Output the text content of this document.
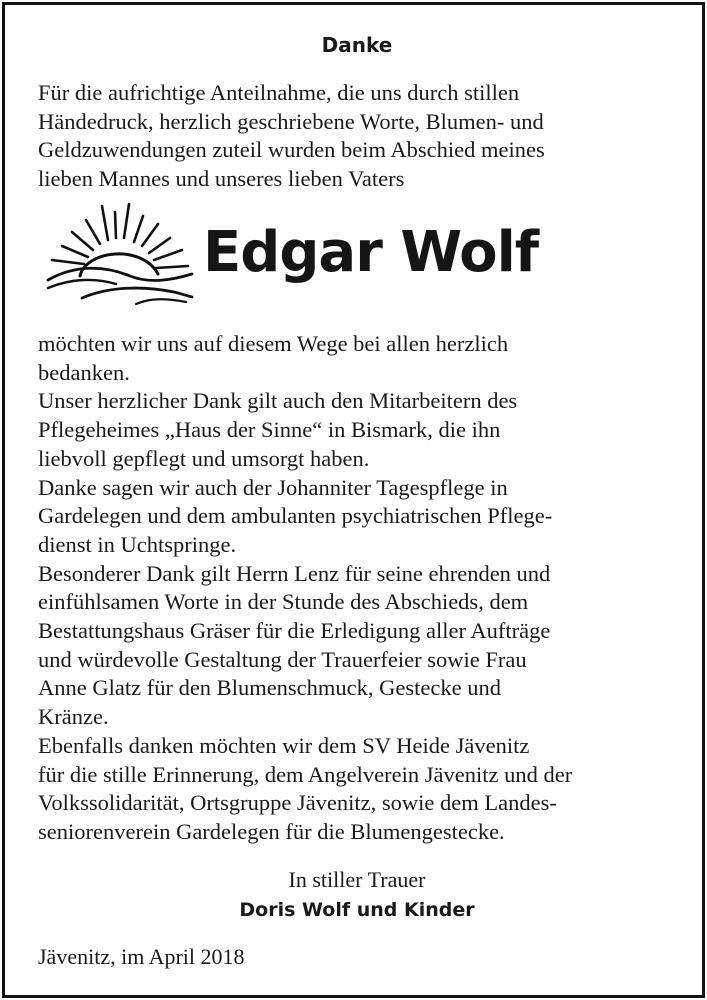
Danke
Für die aufrichtige Anteilnahme, die uns durch stillen
Händedruck, herzlich geschriebene Worte, Blumen- und
Geldzuwendungen zuteil wurden beim Abschied meines
lieben Mannes und unseres lieben Vaters
Edgar Wolf
möchten wir uns auf diesem Wege bei allen herzlich
bedanken.
Unser herzlicher Dank gilt auch den Mitarbeitern des
Pflegeheimes „Haus der Sinne“ in Bismark, die ihn
liebvoll gepflegt und umsorgt haben.
Danke sagen wir auch der Johanniter Tagespflege in
Gardelegen und dem ambulanten psychiatrischen Pflege-
dienst in Uchtspringe.
Besonderer Dank gilt Herrn Lenz für seine ehrenden und
einfühlsamen Worte in der Stunde des Abschieds, dem
Bestattungshaus Gräser für die Erledigung aller Aufträge
und würdevolle Gestaltung der Trauerfeier sowie Frau
Anne Glatz für den Blumenschmuck, Gestecke und
Kränze.
Ebenfalls danken möchten wir dem SV Heide Jävenitz
für die stille Erinnerung, dem Angelverein Jävenitz und der
Volkssolidarität, Ortsgruppe Jävenitz, sowie dem Landes-
seniorenverein Gardelegen für die Blumengestecke.
In stiller Trauer
Doris Wolf und Kinder
Jävenitz, im April 2018
